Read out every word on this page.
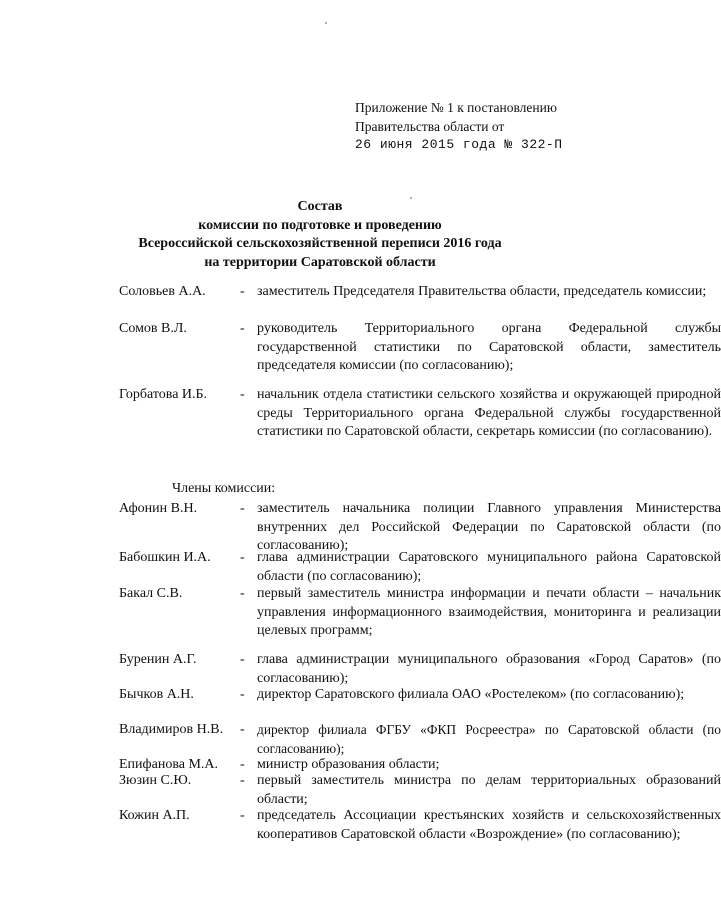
Приложение № 1 к постановлению
Правительства области от
26 июня 2015 года № 322-П
Состав
комиссии по подготовке и проведению
Всероссийской сельскохозяйственной переписи 2016 года
на территории Саратовской области
Соловьев А.А. - заместитель Председателя Правительства области, председатель комиссии;
Сомов В.Л.	- руководитель Территориального органа Федеральной службы государственной статистики по Саратовской области, заместитель председателя комиссии (по согласованию);
Горбатова И.Б. - начальник отдела статистики сельского хозяйства и окружающей природной среды Территориального органа Федеральной службы государственной статистики по Саратовской области, секретарь комиссии (по согласованию).
Члены комиссии:
Афонин В.Н.	- заместитель начальника полиции Главного управления Министерства внутренних дел Российской Федерации по Саратовской области (по согласованию);
Бабошкин И.А. - глава администрации Саратовского муниципального района Саратовской области (по согласованию);
Бакал С.В.	- первый заместитель министра информации и печати области – начальник управления информационного взаимодействия, мониторинга и реализации целевых программ;
Буренин А.Г.	- глава администрации муниципального образования «Город Саратов» (по согласованию);
Бычков А.Н.	- директор Саратовского филиала ОАО «Ростелеком» (по согласованию);
Владимиров Н.В. - директор филиала ФГБУ «ФКП Росреестра» по Саратовской области (по согласованию);
Епифанова М.А. - министр образования области;
Зюзин С.Ю.	- первый заместитель министра по делам территориальных образований области;
Кожин А.П.	- председатель Ассоциации крестьянских хозяйств и сельскохозяйственных кооперативов Саратовской области «Возрождение» (по согласованию);
